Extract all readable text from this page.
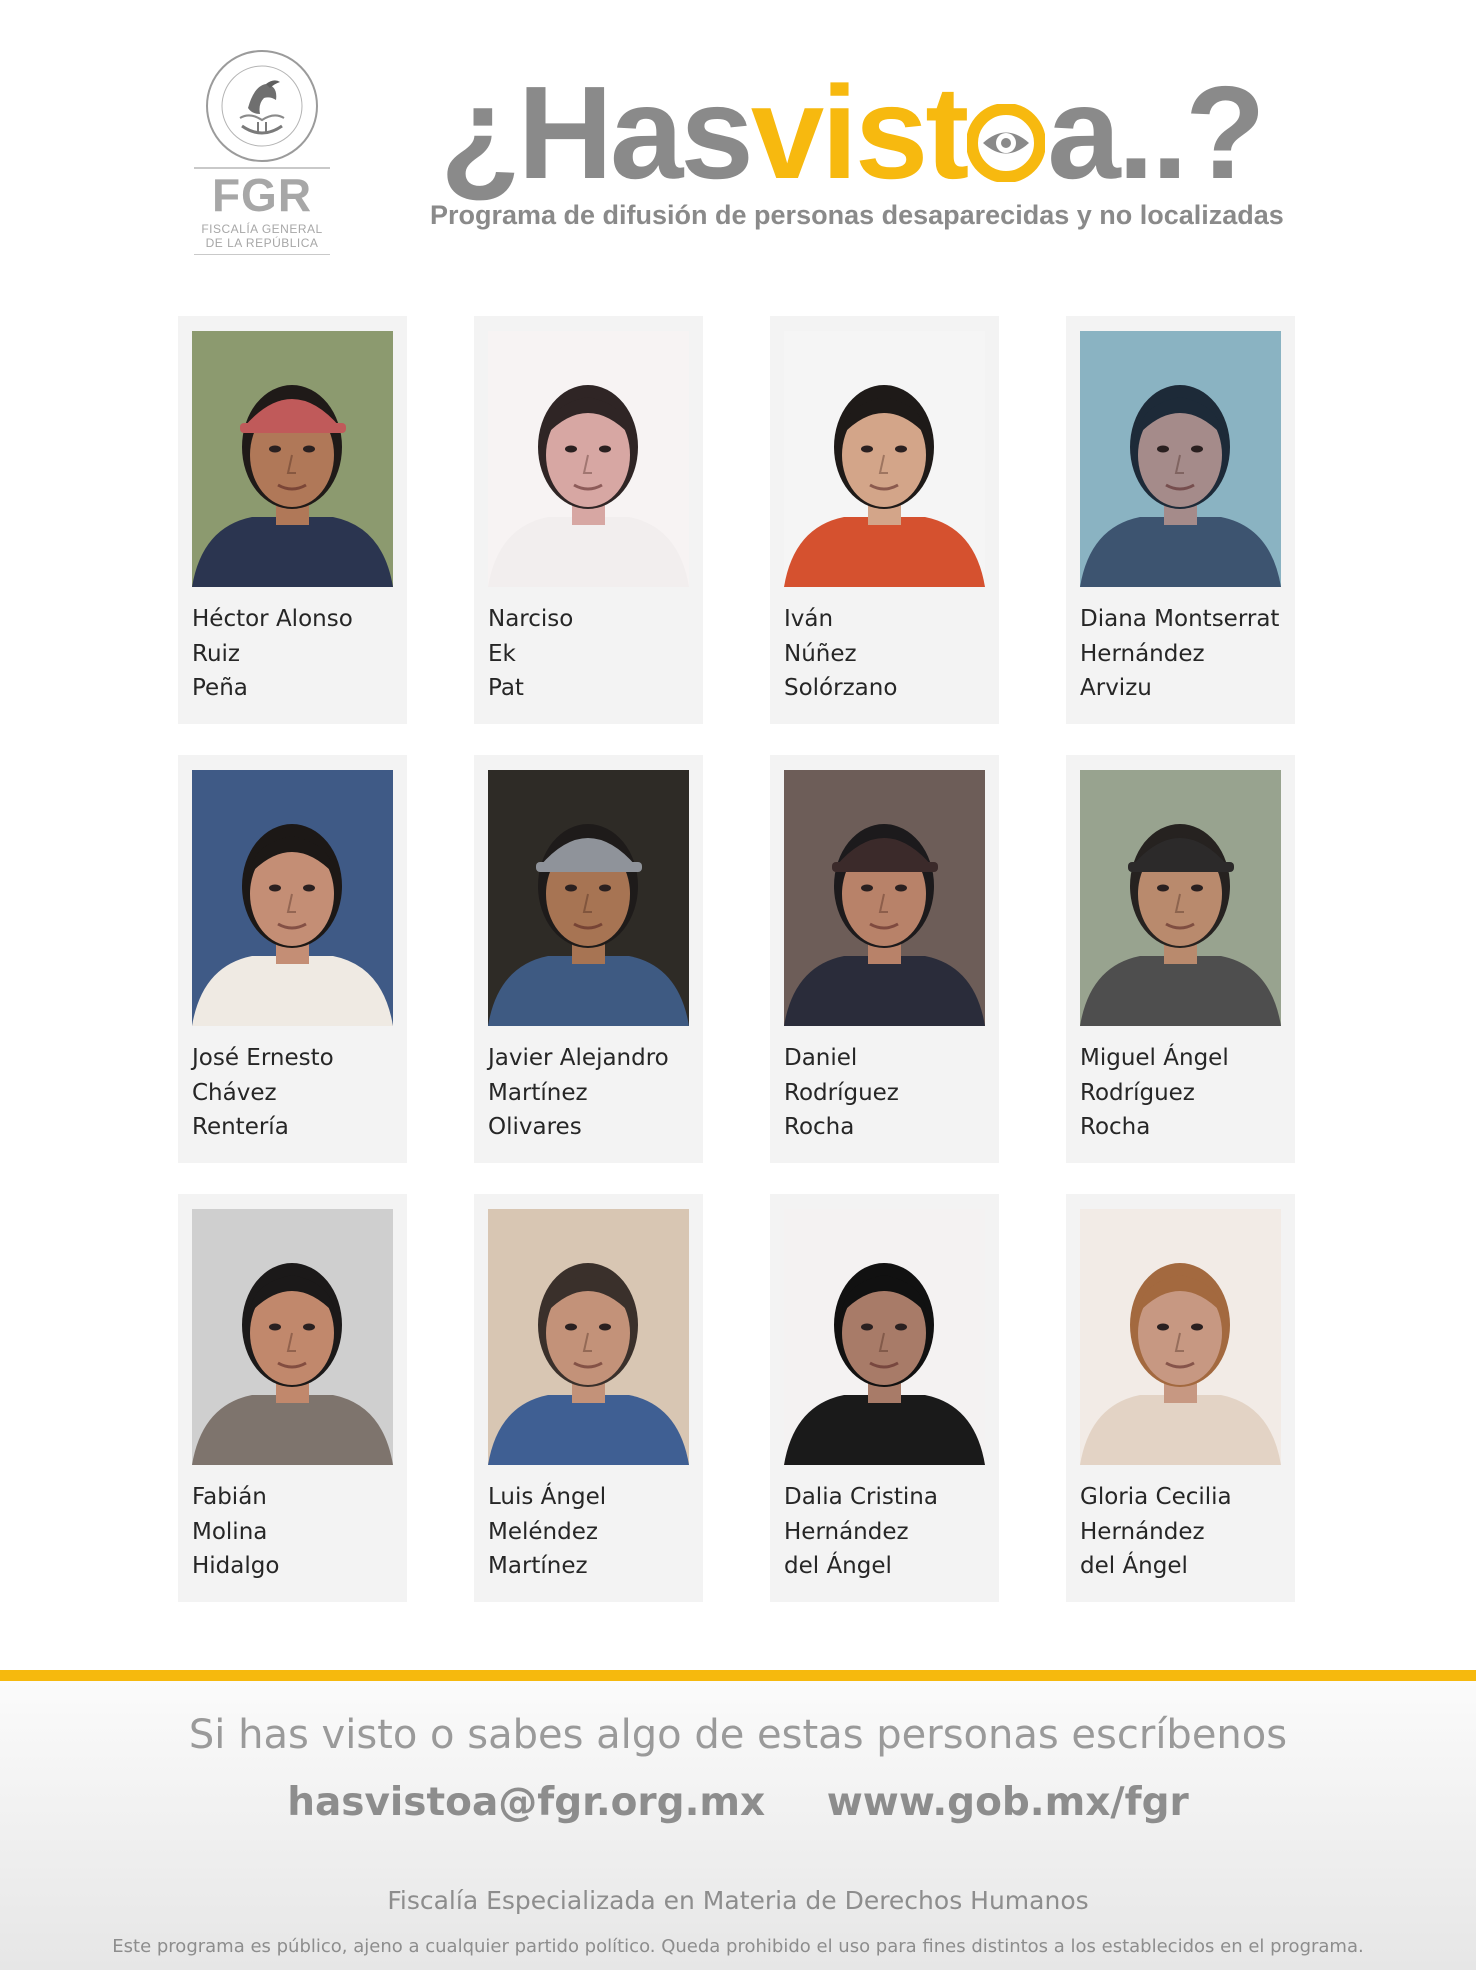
FGR
FISCALÍA GENERAL
DE LA REPÚBLICA
¿Hasvist a..?
Programa de difusión de personas desaparecidas y no localizadas
Héctor Alonso
Ruiz
Peña
Narciso
Ek
Pat
Iván
Núñez
Solórzano
Diana Montserrat
Hernández
Arvizu
José Ernesto
Chávez
Rentería
Javier Alejandro
Martínez
Olivares
Daniel
Rodríguez
Rocha
Miguel Ángel
Rodríguez
Rocha
Fabián
Molina
Hidalgo
Luis Ángel
Meléndez
Martínez
Dalia Cristina
Hernández
del Ángel
Gloria Cecilia
Hernández
del Ángel
Si has visto o sabes algo de estas personas escríbenos
hasvistoa@fgr.org.mx www.gob.mx/fgr
Fiscalía Especializada en Materia de Derechos Humanos
Este programa es público, ajeno a cualquier partido político. Queda prohibido el uso para fines distintos a los establecidos en el programa.
